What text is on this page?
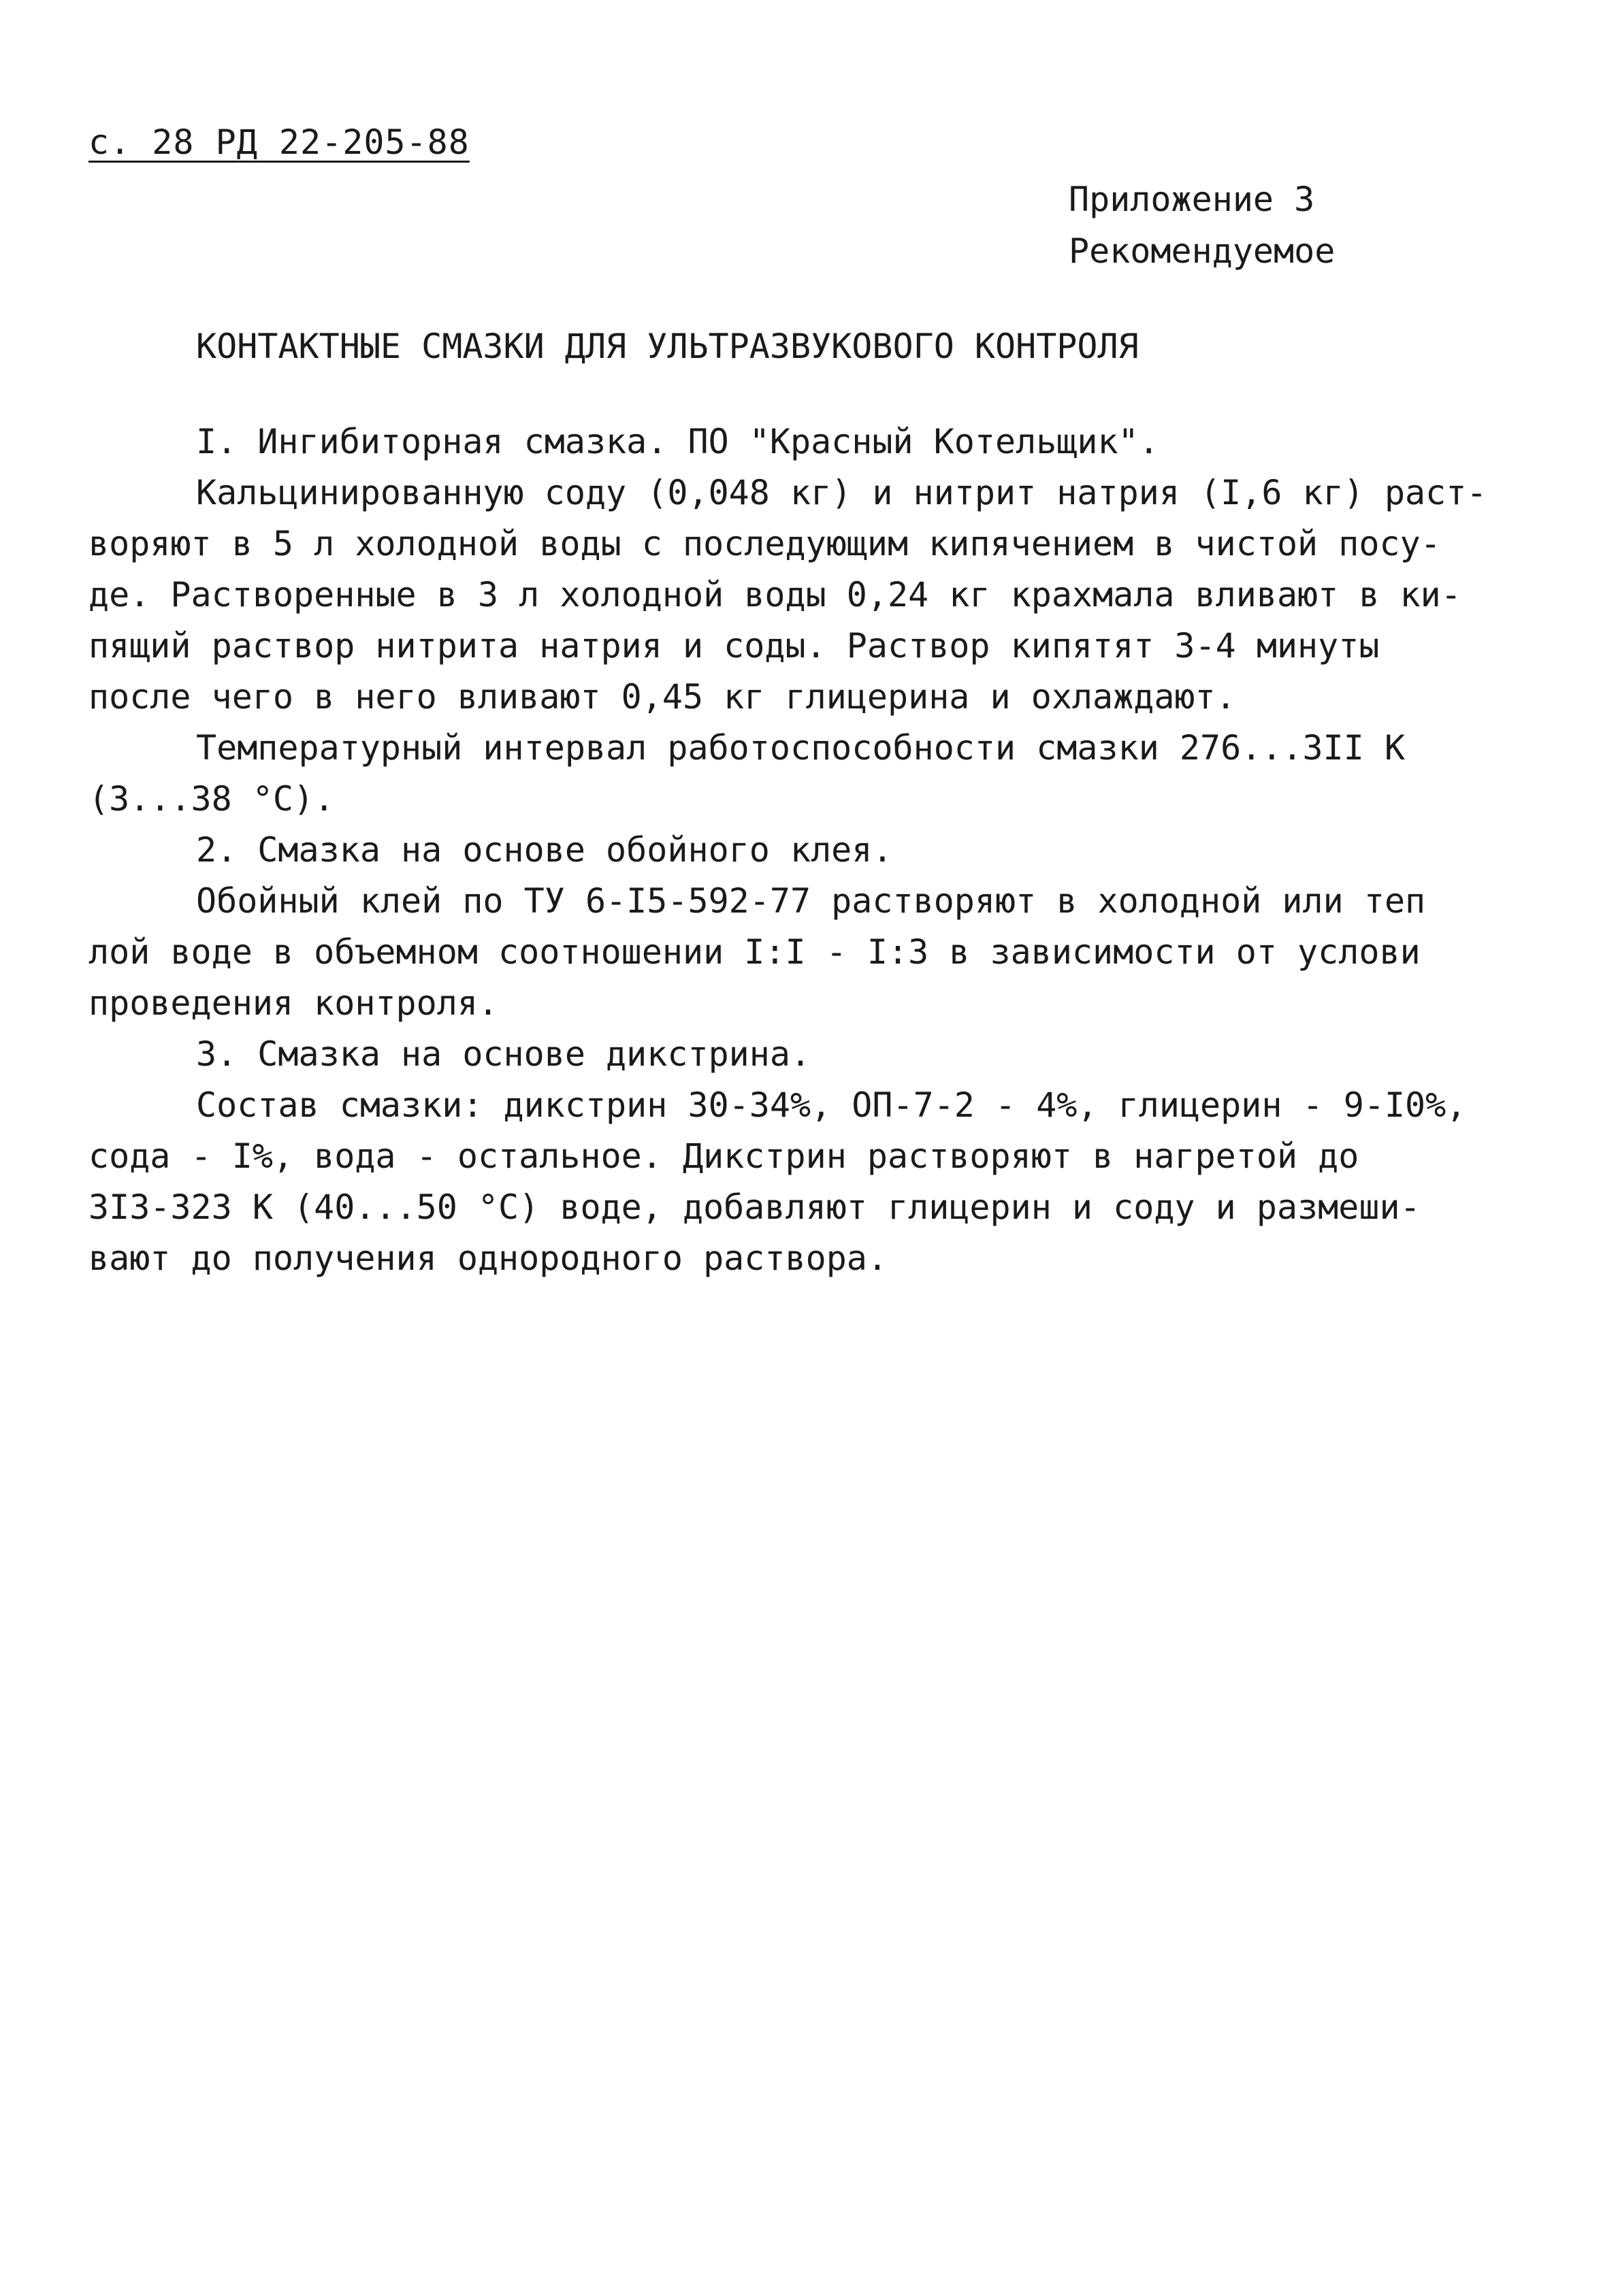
с. 28 РД 22-205-88
Приложение 3
Рекомендуемое
КОНТАКТНЫЕ СМАЗКИ ДЛЯ УЛЬТРАЗВУКОВОГО КОНТРОЛЯ

I. Ингибиторная смазка. ПО "Красный Котельщик".

Кальцинированную соду (0,048 кг) и нитрит натрия (I,6 кг) раст-

воряют в 5 л холодной воды с последующим кипячением в чистой посу-

де. Растворенные в 3 л холодной воды 0,24 кг крахмала вливают в ки-

пящий раствор нитрита натрия и соды. Раствор кипятят 3-4 минуты

после чего в него вливают 0,45 кг глицерина и охлаждают.

Температурный интервал работоспособности смазки 276...3II К

(3...38 °С).

2. Смазка на основе обойного клея.

Обойный клей по ТУ 6-I5-592-77 растворяют в холодной или теп

лой воде в объемном соотношении I:I - I:3 в зависимости от услови

проведения контроля.

3. Смазка на основе дикстрина.

Состав смазки: дикстрин 30-34%, ОП-7-2 - 4%, глицерин - 9-I0%,

сода - I%, вода - остальное. Дикстрин растворяют в нагретой до

3I3-323 К (40...50 °С) воде, добавляют глицерин и соду и размеши-

вают до получения однородного раствора.
